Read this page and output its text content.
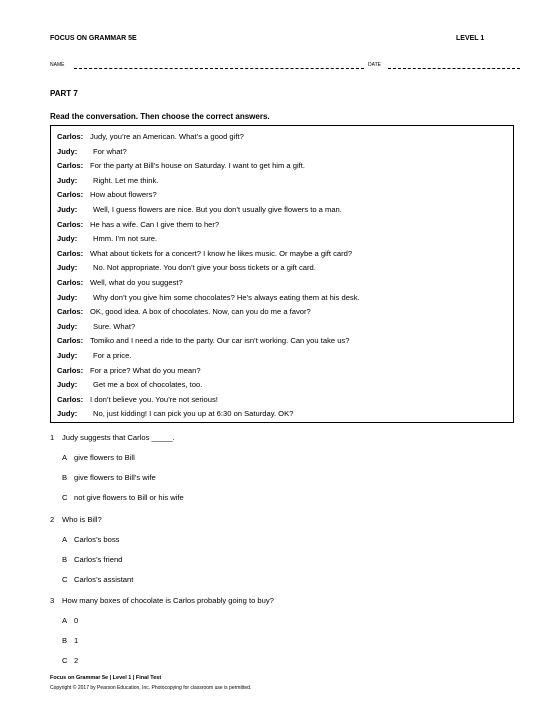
FOCUS ON GRAMMAR 5E	LEVEL 1
NAME	DATE
PART 7
Read the conversation. Then choose the correct answers.
Carlos: Judy, you’re an American. What’s a good gift?
Judy: For what?
Carlos: For the party at Bill’s house on Saturday. I want to get him a gift.
Judy: Right. Let me think.
Carlos: How about flowers?
Judy: Well, I guess flowers are nice. But you don’t usually give flowers to a man.
Carlos: He has a wife. Can I give them to her?
Judy: Hmm. I’m not sure.
Carlos: What about tickets for a concert? I know he likes music. Or maybe a gift card?
Judy: No. Not appropriate. You don’t give your boss tickets or a gift card.
Carlos: Well, what do you suggest?
Judy: Why don’t you give him some chocolates? He’s always eating them at his desk.
Carlos: OK, good idea. A box of chocolates. Now, can you do me a favor?
Judy: Sure. What?
Carlos: Tomiko and I need a ride to the party. Our car isn’t working. Can you take us?
Judy: For a price.
Carlos: For a price? What do you mean?
Judy: Get me a box of chocolates, too.
Carlos: I don’t believe you. You’re not serious!
Judy: No, just kidding! I can pick you up at 6:30 on Saturday. OK?
1 Judy suggests that Carlos _____.
A give flowers to Bill
B give flowers to Bill’s wife
C not give flowers to Bill or his wife
2 Who is Bill?
A Carlos’s boss
B Carlos’s friend
C Carlos’s assistant
3 How many boxes of chocolate is Carlos probably going to buy?
A 0
B 1
C 2
Focus on Grammar 5e | Level 1 | Final Test
Copyright © 2017 by Pearson Education, Inc. Photocopying for classroom use is permitted.
